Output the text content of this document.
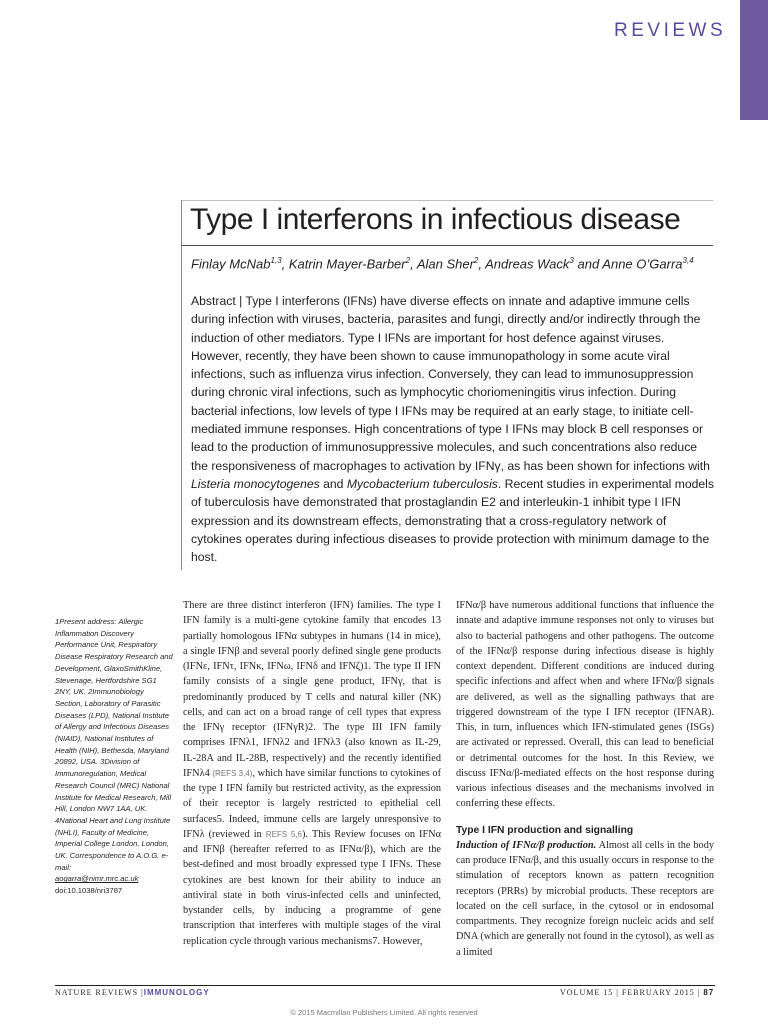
REVIEWS
Type I interferons in infectious disease
Finlay McNab$^{1,3}$, Katrin Mayer-Barber$^2$, Alan Sher$^2$, Andreas Wack$^3$ and Anne O’Garra$^{3,4}$
Abstract | Type I interferons (IFNs) have diverse effects on innate and adaptive immune cells during infection with viruses, bacteria, parasites and fungi, directly and/or indirectly through the induction of other mediators. Type I IFNs are important for host defence against viruses. However, recently, they have been shown to cause immunopathology in some acute viral infections, such as influenza virus infection. Conversely, they can lead to immunosuppression during chronic viral infections, such as lymphocytic choriomeningitis virus infection. During bacterial infections, low levels of type I IFNs may be required at an early stage, to initiate cell-mediated immune responses. High concentrations of type I IFNs may block B cell responses or lead to the production of immunosuppressive molecules, and such concentrations also reduce the responsiveness of macrophages to activation by IFNγ, as has been shown for infections with Listeria monocytogenes and Mycobacterium tuberculosis. Recent studies in experimental models of tuberculosis have demonstrated that prostaglandin E2 and interleukin-1 inhibit type I IFN expression and its downstream effects, demonstrating that a cross-regulatory network of cytokines operates during infectious diseases to provide protection with minimum damage to the host.
1Present address: Allergic Inflammation Discovery Performance Unit, Respiratory Disease Respiratory Research and Development, GlaxoSmithKline, Stevenage, Hertfordshire SG1 2NY, UK. 2Immunobiology Section, Laboratory of Parasitic Diseases (LPD), National Institute of Allergy and Infectious Diseases (NIAID), National Institutes of Health (NIH), Bethesda, Maryland 20892, USA. 3Division of Immunoregulation, Medical Research Council (MRC) National Institute for Medical Research, Mill Hill, London NW7 1AA, UK. 4National Heart and Lung Institute (NHLI), Faculty of Medicine, Imperial College London, London, UK. Correspondence to A.O.G. e-mail:
aogarra@nimr.mrc.ac.uk
doi:10.1038/nri3787
There are three distinct interferon (IFN) families. The type I IFN family is a multi-gene cytokine family that encodes 13 partially homologous IFNα subtypes in humans (14 in mice), a single IFNβ and several poorly defined single gene products (IFNε, IFNτ, IFNκ, IFNω, IFNδ and IFNζ)1. The type II IFN family consists of a single gene product, IFNγ, that is predominantly produced by T cells and natural killer (NK) cells, and can act on a broad range of cell types that express the IFNγ receptor (IFNγR)2. The type III IFN family comprises IFNλ1, IFNλ2 and IFNλ3 (also known as IL-29, IL-28A and IL-28B, respectively) and the recently identified IFNλ4 (REFS 3,4), which have similar functions to cytokines of the type I IFN family but restricted activity, as the expression of their receptor is largely restricted to epithelial cell surfaces5. Indeed, immune cells are largely unresponsive to IFNλ (reviewed in REFS 5,6). This Review focuses on IFNα and IFNβ (hereafter referred to as IFNα/β), which are the best-defined and most broadly expressed type I IFNs. These cytokines are best known for their ability to induce an antiviral state in both virus-infected cells and uninfected, bystander cells, by inducing a programme of gene transcription that interferes with multiple stages of the viral replication cycle through various mechanisms7. However,
IFNα/β have numerous additional functions that influence the innate and adaptive immune responses not only to viruses but also to bacterial pathogens and other pathogens. The outcome of the IFNα/β response during infectious disease is highly context dependent. Different conditions are induced during specific infections and affect when and where IFNα/β signals are delivered, as well as the signalling pathways that are triggered downstream of the type I IFN receptor (IFNAR). This, in turn, influences which IFN-stimulated genes (ISGs) are activated or repressed. Overall, this can lead to beneficial or detrimental outcomes for the host. In this Review, we discuss IFNα/β-mediated effects on the host response during various infectious diseases and the mechanisms involved in conferring these effects.
Type I IFN production and signalling
Induction of IFNα/β production. Almost all cells in the body can produce IFNα/β, and this usually occurs in response to the stimulation of receptors known as pattern recognition receptors (PRRs) by microbial products. These receptors are located on the cell surface, in the cytosol or in endosomal compartments. They recognize foreign nucleic acids and self DNA (which are generally not found in the cytosol), as well as a limited
NATURE REVIEWS |IMMUNOLOGY	VOLUME 15 | FEBRUARY 2015 | 87
© 2015 Macmillan Publishers Limited. All rights reserved
